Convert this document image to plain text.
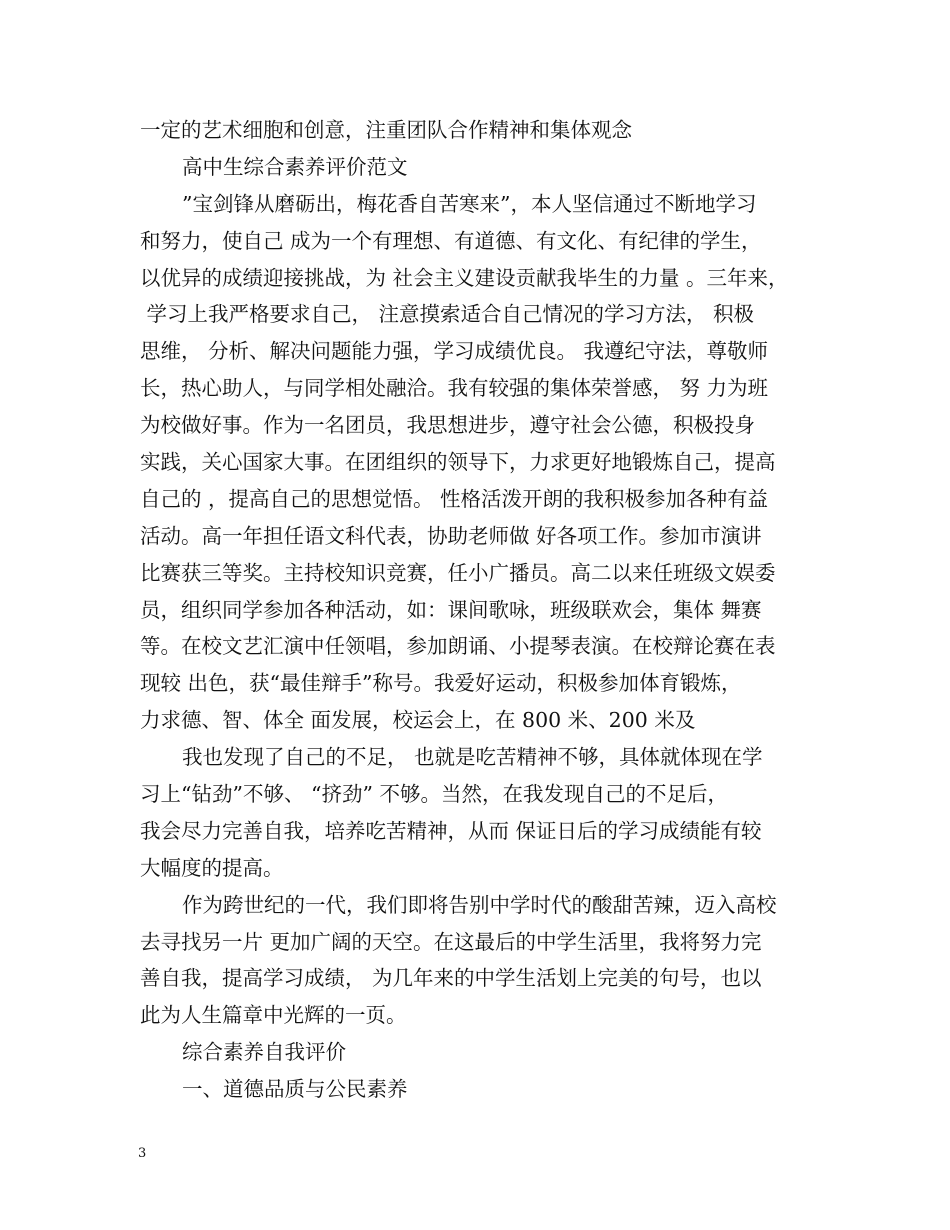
一定的艺术细胞和创意，注重团队合作精神和集体观念
高中生综合素养评价范文
”宝剑锋从磨砺出，梅花香自苦寒来”，本人坚信通过不断地学习
和努力，使自己 成为一个有理想、有道德、有文化、有纪律的学生，
以优异的成绩迎接挑战，为 社会主义建设贡献我毕生的力量 。三年来，
学习上我严格要求自己， 注意摸索适合自己情况的学习方法， 积极
思维， 分析、解决问题能力强，学习成绩优良。 我遵纪守法，尊敬师
长，热心助人，与同学相处融洽。我有较强的集体荣誉感， 努 力为班
为校做好事。作为一名团员，我思想进步，遵守社会公德，积极投身
实践，关心国家大事。在团组织的领导下，力求更好地锻炼自己，提高
自己的 ，提高自己的思想觉悟。 性格活泼开朗的我积极参加各种有益
活动。高一年担任语文科代表，协助老师做 好各项工作。参加市演讲
比赛获三等奖。主持校知识竞赛，任小广播员。高二以来任班级文娱委
员，组织同学参加各种活动，如：课间歌咏，班级联欢会，集体 舞赛
等。在校文艺汇演中任领唱，参加朗诵、小提琴表演。在校辩论赛在表
现较 出色，获“最佳辩手”称号。我爱好运动，积极参加体育锻炼，
力求德、智、体全 面发展，校运会上，在 800 米、200 米及
我也发现了自己的不足， 也就是吃苦精神不够，具体就体现在学
习上“钻劲”不够、 “挤劲” 不够。当然，在我发现自己的不足后，
我会尽力完善自我，培养吃苦精神，从而 保证日后的学习成绩能有较
大幅度的提高。
作为跨世纪的一代，我们即将告别中学时代的酸甜苦辣，迈入高校
去寻找另一片 更加广阔的天空。在这最后的中学生活里，我将努力完
善自我，提高学习成绩， 为几年来的中学生活划上完美的句号，也以
此为人生篇章中光辉的一页。
综合素养自我评价
一、道德品质与公民素养
3
